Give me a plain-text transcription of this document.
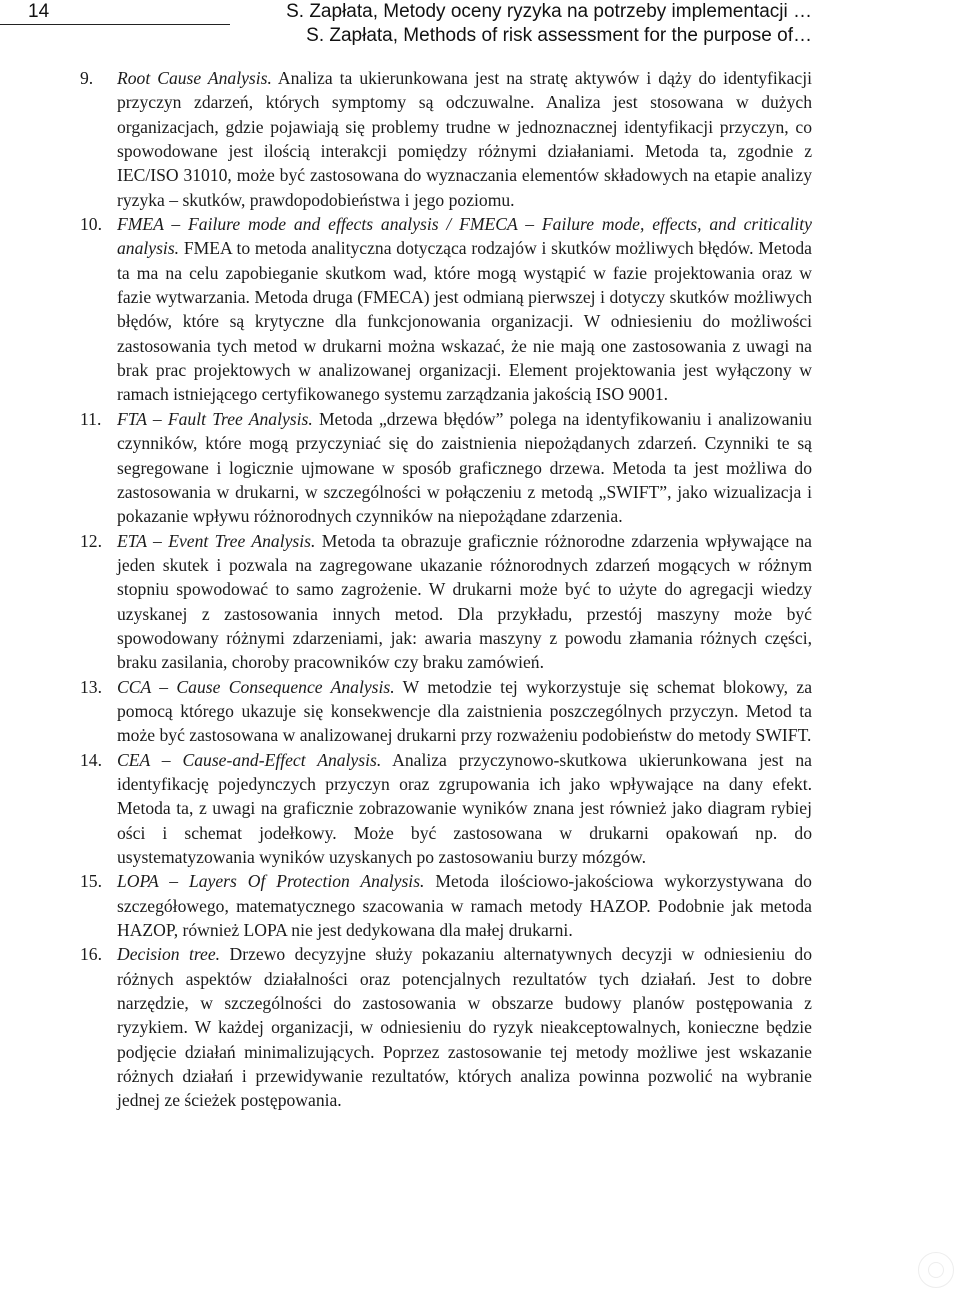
14	S. Zapłata, Metody oceny ryzyka na potrzeby implementacji …
S. Zapłata, Methods of risk assessment for the purpose of…

9.	Root Cause Analysis. Analiza ta ukierunkowana jest na stratę aktywów i dąży do identyfikacji przyczyn zdarzeń, których symptomy są odczuwalne. Analiza jest stosowana w dużych organizacjach, gdzie pojawiają się problemy trudne w jednoznacznej identyfikacji przyczyn, co spowodowane jest ilością interakcji pomiędzy różnymi działaniami. Metoda ta, zgodnie z IEC/ISO 31010, może być zastosowana do wyznaczania elementów składowych na etapie analizy ryzyka – skutków, prawdopodobieństwa i jego poziomu.

10. FMEA – Failure mode and effects analysis / FMECA – Failure mode, effects, and criticality analysis. FMEA to metoda analityczna dotycząca rodzajów i skutków możliwych błędów. Metoda ta ma na celu zapobieganie skutkom wad, które mogą wystąpić w fazie projektowania oraz w fazie wytwarzania. Metoda druga (FMECA) jest odmianą pierwszej i dotyczy skutków możliwych błędów, które są krytyczne dla funkcjonowania organizacji. W odniesieniu do możliwości zastosowania tych metod w drukarni można wskazać, że nie mają one zastosowania z uwagi na brak prac projektowych w analizowanej organizacji. Element projektowania jest wyłączony w ramach istniejącego certyfikowanego systemu zarządzania jakością ISO 9001.

11. FTA – Fault Tree Analysis. Metoda „drzewa błędów” polega na identyfikowaniu i analizowaniu czynników, które mogą przyczyniać się do zaistnienia niepożądanych zdarzeń. Czynniki te są segregowane i logicznie ujmowane w sposób graficznego drzewa. Metoda ta jest możliwa do zastosowania w drukarni, w szczególności w połączeniu z metodą „SWIFT”, jako wizualizacja i pokazanie wpływu różnorodnych czynników na niepożądane zdarzenia.

12. ETA – Event Tree Analysis. Metoda ta obrazuje graficznie różnorodne zdarzenia wpływające na jeden skutek i pozwala na zagregowane ukazanie różnorodnych zdarzeń mogących w różnym stopniu spowodować to samo zagrożenie. W drukarni może być to użyte do agregacji wiedzy uzyskanej z zastosowania innych metod. Dla przykładu, przestój maszyny może być spowodowany różnymi zdarzeniami, jak: awaria maszyny z powodu złamania różnych części, braku zasilania, choroby pracowników czy braku zamówień.

13. CCA – Cause Consequence Analysis. W metodzie tej wykorzystuje się schemat blokowy, za pomocą którego ukazuje się konsekwencje dla zaistnienia poszczególnych przyczyn. Metod ta może być zastosowana w analizowanej drukarni przy rozważeniu podobieństw do metody SWIFT.

14. CEA – Cause-and-Effect Analysis. Analiza przyczynowo-skutkowa ukierunkowana jest na identyfikację pojedynczych przyczyn oraz zgrupowania ich jako wpływające na dany efekt. Metoda ta, z uwagi na graficznie zobrazowanie wyników znana jest również jako diagram rybiej ości i schemat jodełkowy. Może być zastosowana w drukarni opakowań np. do usystematyzowania wyników uzyskanych po zastosowaniu burzy mózgów.

15. LOPA – Layers Of Protection Analysis. Metoda ilościowo-jakościowa wykorzystywana do szczegółowego, matematycznego szacowania w ramach metody HAZOP. Podobnie jak metoda HAZOP, również LOPA nie jest dedykowana dla małej drukarni.

16. Decision tree. Drzewo decyzyjne służy pokazaniu alternatywnych decyzji w odniesieniu do różnych aspektów działalności oraz potencjalnych rezultatów tych działań. Jest to dobre narzędzie, w szczególności do zastosowania w obszarze budowy planów postępowania z ryzykiem. W każdej organizacji, w odniesieniu do ryzyk nieakceptowalnych, konieczne będzie podjęcie działań minimalizujących. Poprzez zastosowanie tej metody możliwe jest wskazanie różnych działań i przewidywanie rezultatów, których analiza powinna pozwolić na wybranie jednej ze ścieżek postępowania.
